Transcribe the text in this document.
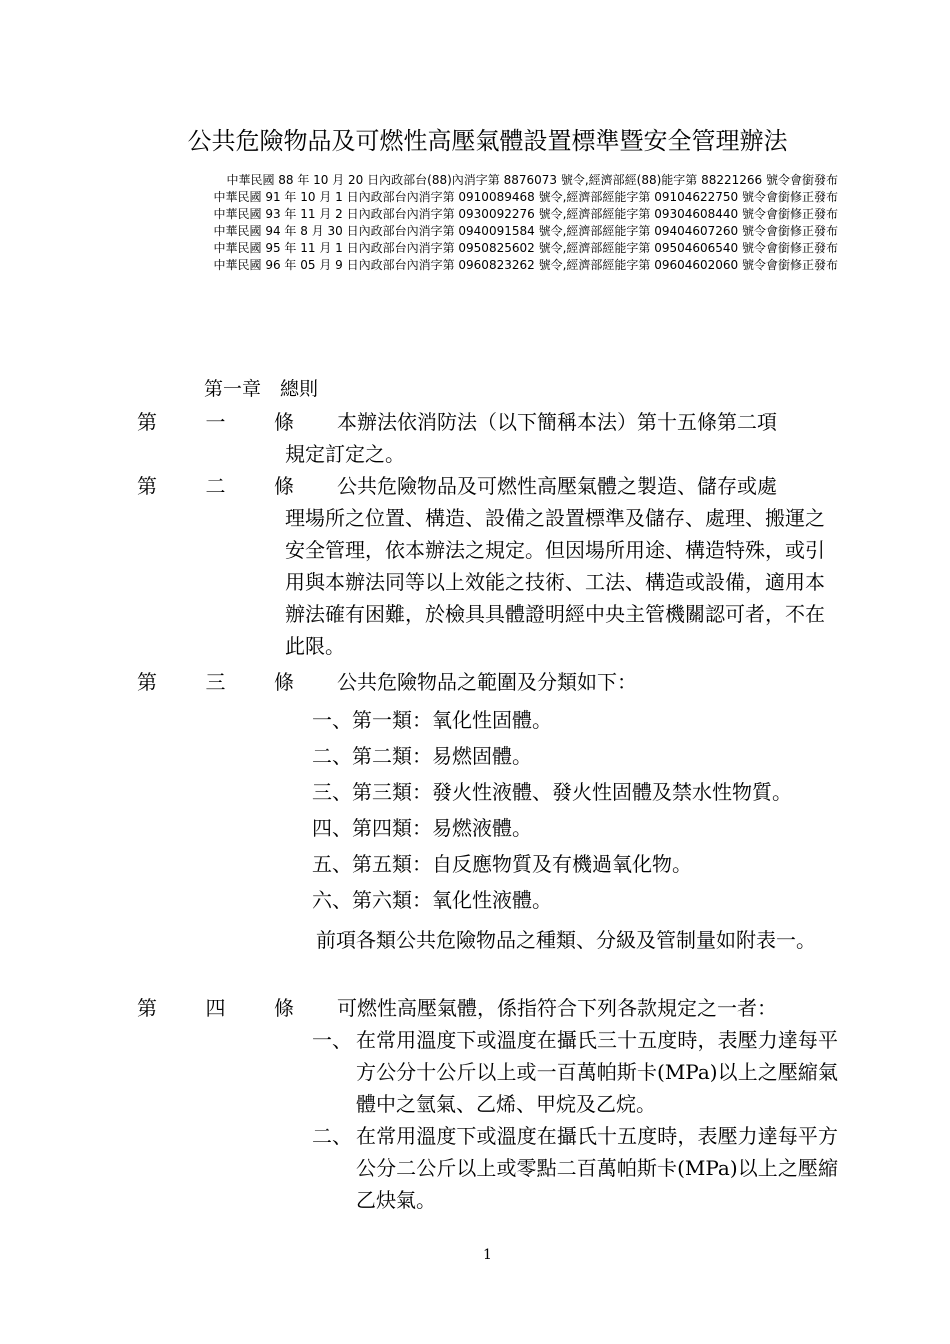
公共危險物品及可燃性高壓氣體設置標準暨安全管理辦法
中華民國 88 年 10 月 20 日內政部台(88)內消字第 8876073 號令,經濟部經(88)能字第 88221266 號令會銜發布
中華民國 91 年 10 月 1 日內政部台內消字第 0910089468 號令,經濟部經能字第 09104622750 號令會銜修正發布
中華民國 93 年 11 月 2 日內政部台內消字第 0930092276 號令,經濟部經能字第 09304608440 號令會銜修正發布
中華民國 94 年 8 月 30 日內政部台內消字第 0940091584 號令,經濟部經能字第 09404607260 號令會銜修正發布
中華民國 95 年 11 月 1 日內政部台內消字第 0950825602 號令,經濟部經能字第 09504606540 號令會銜修正發布
中華民國 96 年 05 月 9 日內政部台內消字第 0960823262 號令,經濟部經能字第 09604602060 號令會銜修正發布
第一章　總則
第 一 條	本辦法依消防法（以下簡稱本法）第十五條第二項
規定訂定之。
第 二 條	公共危險物品及可燃性高壓氣體之製造、儲存或處
理場所之位置、構造、設備之設置標準及儲存、處理、搬運之安全管理，依本辦法之規定。但因場所用途、構造特殊，或引用與本辦法同等以上效能之技術、工法、構造或設備，適用本辦法確有困難，於檢具具體證明經中央主管機關認可者，不在此限。
第 三 條	公共危險物品之範圍及分類如下：
一、第一類：氧化性固體。
二、第二類：易燃固體。
三、第三類：發火性液體、發火性固體及禁水性物質。
四、第四類：易燃液體。
五、第五類：自反應物質及有機過氧化物。
六、第六類：氧化性液體。
前項各類公共危險物品之種類、分級及管制量如附表一。
第 四 條	可燃性高壓氣體，係指符合下列各款規定之一者：
一、 在常用溫度下或溫度在攝氏三十五度時，表壓力達每平方公分十公斤以上或一百萬帕斯卡(MPa)以上之壓縮氣體中之氫氣、乙烯、甲烷及乙烷。
二、 在常用溫度下或溫度在攝氏十五度時，表壓力達每平方公分二公斤以上或零點二百萬帕斯卡(MPa)以上之壓縮乙炔氣。
1
